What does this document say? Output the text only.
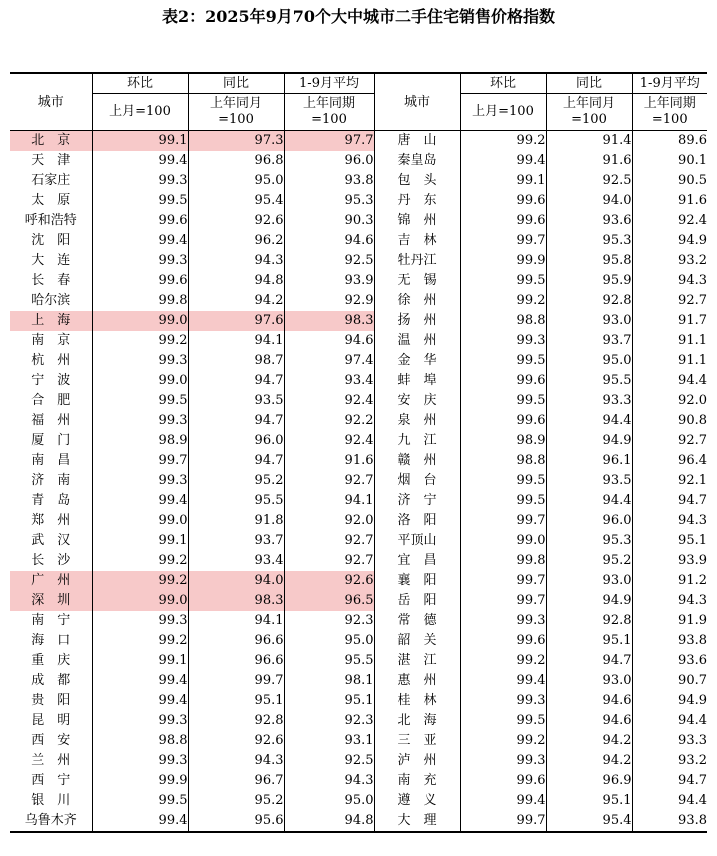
表2：2025年9月70个大中城市二手住宅销售价格指数
城市	环比	同比	1-9月平均	城市	环比	同比	1-9月平均
	上月=100	上年同月=100	上年同期=100		上月=100	上年同月=100	上年同期=100
北　京	99.1	97.3	97.7	唐　山	99.2	91.4	89.6
天　津	99.4	96.8	96.0	秦皇岛	99.4	91.6	90.1
石家庄	99.3	95.0	93.8	包　头	99.1	92.5	90.5
太　原	99.5	95.4	95.3	丹　东	99.6	94.0	91.6
呼和浩特	99.6	92.6	90.3	锦　州	99.6	93.6	92.4
沈　阳	99.4	96.2	94.6	吉　林	99.7	95.3	94.9
大　连	99.3	94.3	92.5	牡丹江	99.9	95.8	93.2
长　春	99.6	94.8	93.9	无　锡	99.5	95.9	94.3
哈尔滨	99.8	94.2	92.9	徐　州	99.2	92.8	92.7
上　海	99.0	97.6	98.3	扬　州	98.8	93.0	91.7
南　京	99.2	94.1	94.6	温　州	99.3	93.7	91.1
杭　州	99.3	98.7	97.4	金　华	99.5	95.0	91.1
宁　波	99.0	94.7	93.4	蚌　埠	99.6	95.5	94.4
合　肥	99.5	93.5	92.4	安　庆	99.5	93.3	92.0
福　州	99.3	94.7	92.2	泉　州	99.6	94.4	90.8
厦　门	98.9	96.0	92.4	九　江	98.9	94.9	92.7
南　昌	99.7	94.7	91.6	赣　州	98.8	96.1	96.4
济　南	99.3	95.2	92.7	烟　台	99.5	93.5	92.1
青　岛	99.4	95.5	94.1	济　宁	99.5	94.4	94.7
郑　州	99.0	91.8	92.0	洛　阳	99.7	96.0	94.3
武　汉	99.1	93.7	92.7	平顶山	99.0	95.3	95.1
长　沙	99.2	93.4	92.7	宜　昌	99.8	95.2	93.9
广　州	99.2	94.0	92.6	襄　阳	99.7	93.0	91.2
深　圳	99.0	98.3	96.5	岳　阳	99.7	94.9	94.3
南　宁	99.3	94.1	92.3	常　德	99.3	92.8	91.9
海　口	99.2	96.6	95.0	韶　关	99.6	95.1	93.8
重　庆	99.1	96.6	95.5	湛　江	99.2	94.7	93.6
成　都	99.4	99.7	98.1	惠　州	99.4	93.0	90.7
贵　阳	99.4	95.1	95.1	桂　林	99.3	94.6	94.9
昆　明	99.3	92.8	92.3	北　海	99.5	94.6	94.4
西　安	98.8	92.6	93.1	三　亚	99.2	94.2	93.3
兰　州	99.3	94.3	92.5	泸　州	99.3	94.2	93.2
西　宁	99.9	96.7	94.3	南　充	99.6	96.9	94.7
银　川	99.5	95.2	95.0	遵　义	99.4	95.1	94.4
乌鲁木齐	99.4	95.6	94.8	大　理	99.7	95.4	93.8
